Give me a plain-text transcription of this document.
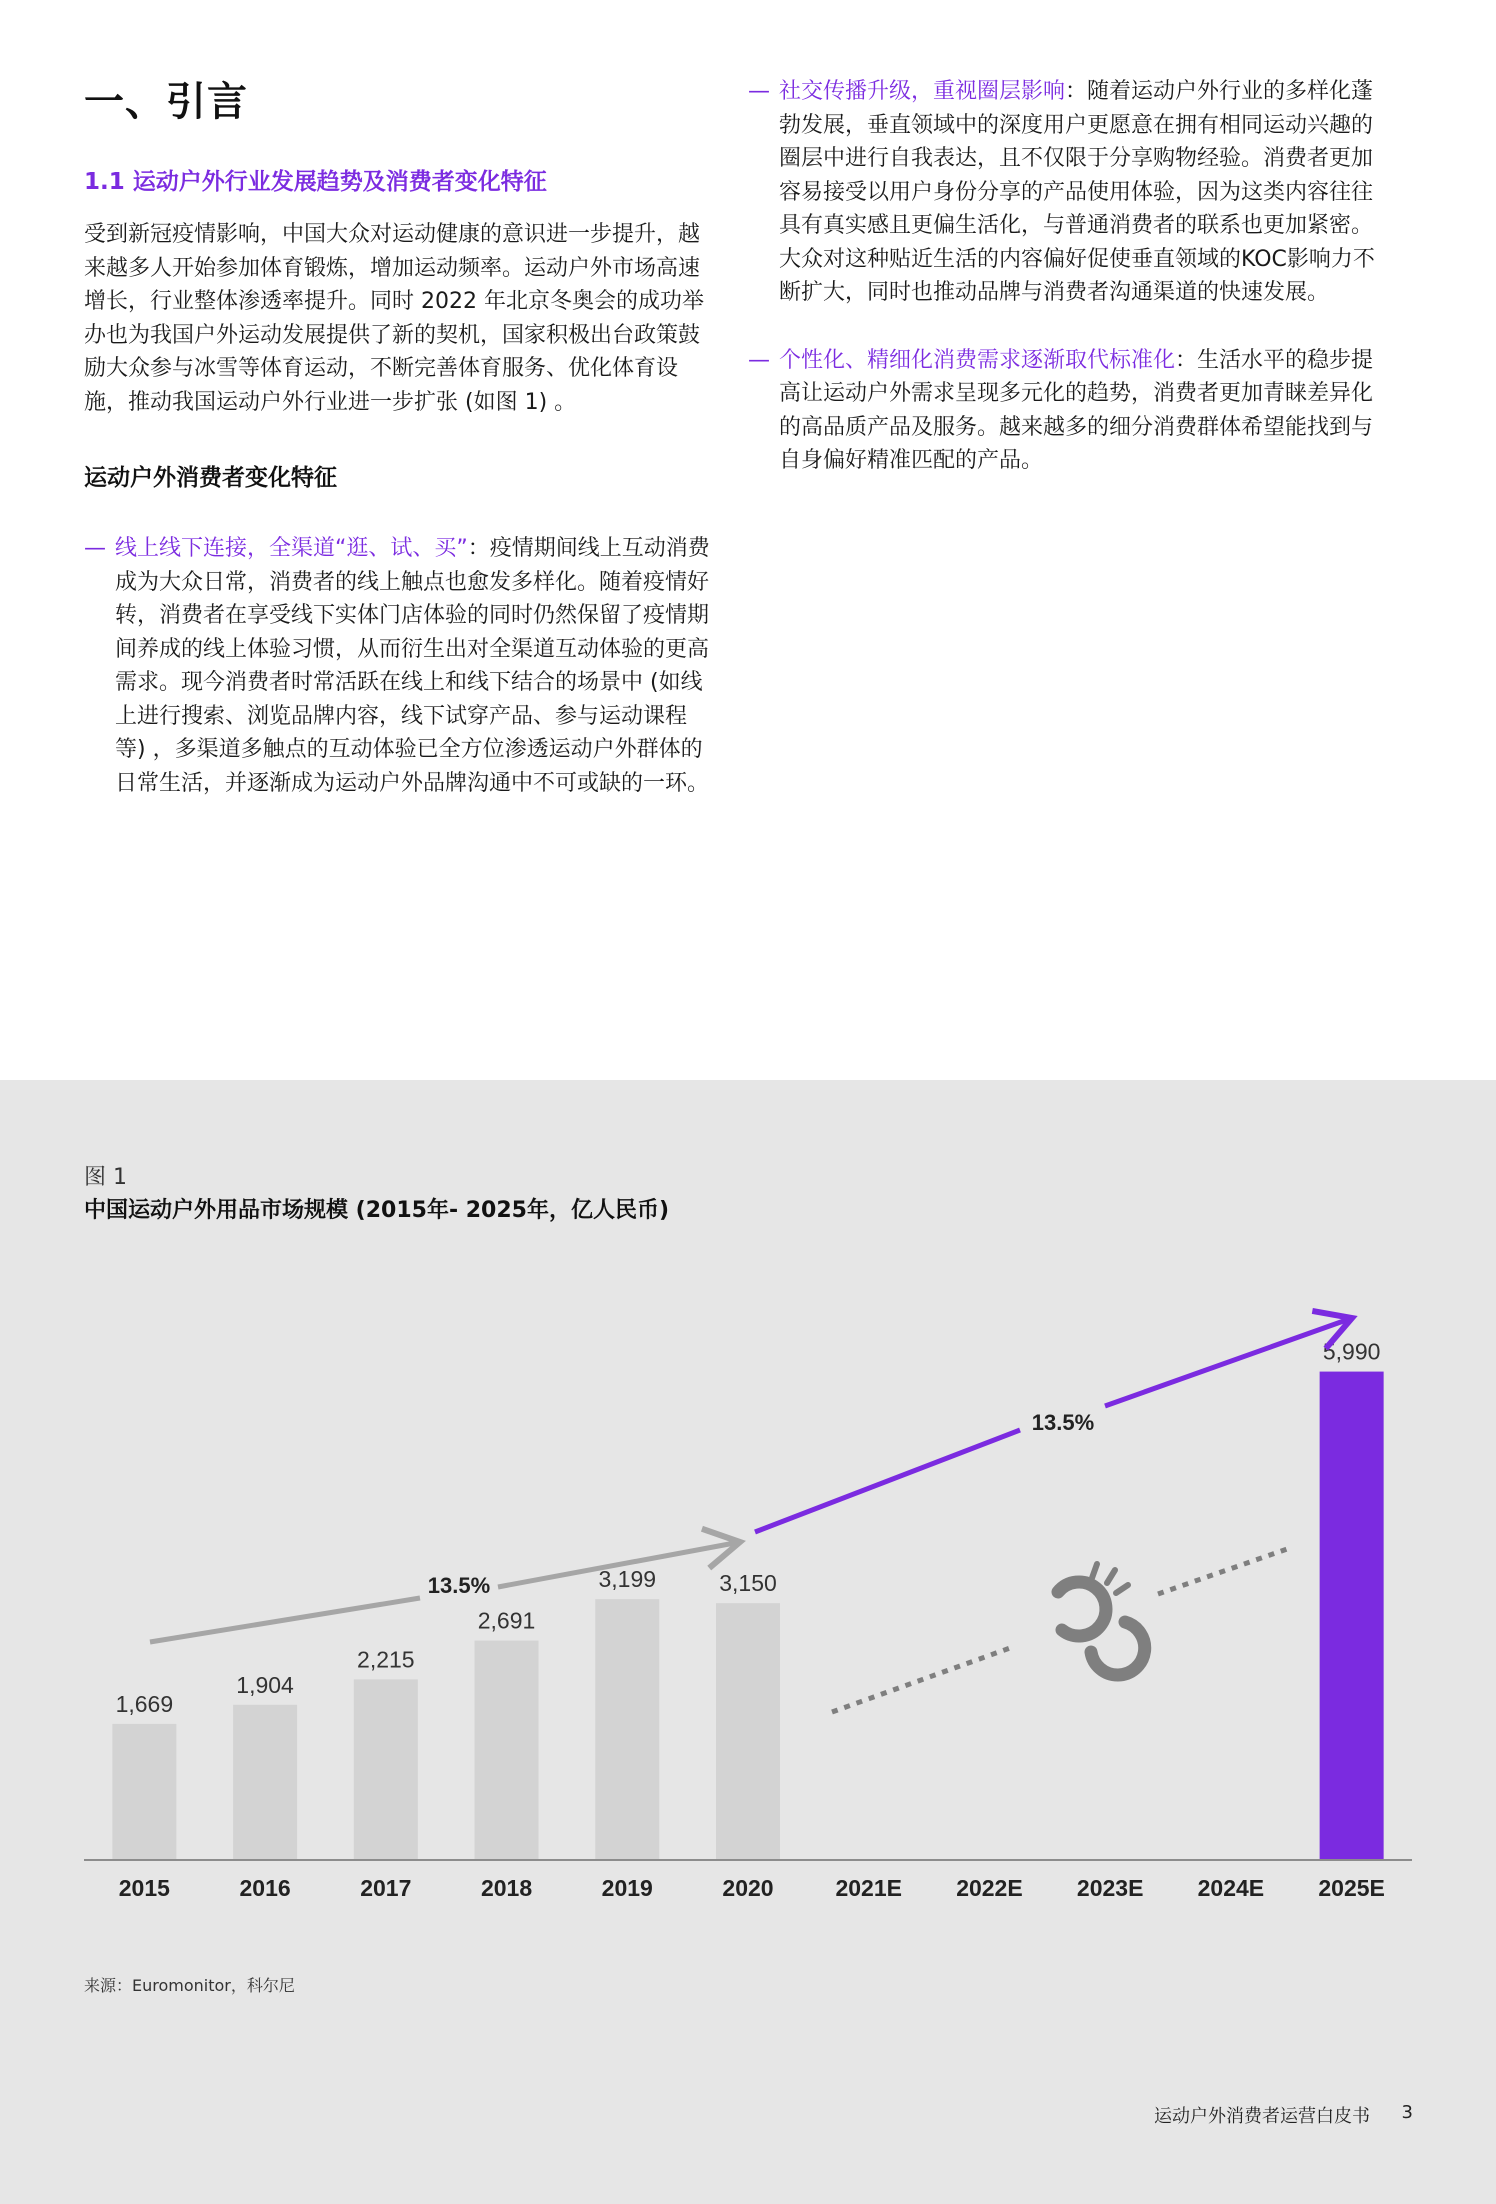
一、引言
1.1 运动户外行业发展趋势及消费者变化特征

受到新冠疫情影响，中国大众对运动健康的意识进一步提升，越来越多人开始参加体育锻炼，增加运动频率。运动户外市场高速增长，行业整体渗透率提升。同时 2022 年北京冬奥会的成功举办也为我国户外运动发展提供了新的契机，国家积极出台政策鼓励大众参与冰雪等体育运动，不断完善体育服务、优化体育设施，推动我国运动户外行业进一步扩张 (如图 1) 。

运动户外消费者变化特征

— 线上线下连接，全渠道“逛、试、买”：疫情期间线上互动消费成为大众日常，消费者的线上触点也愈发多样化。随着疫情好转，消费者在享受线下实体门店体验的同时仍然保留了疫情期间养成的线上体验习惯，从而衍生出对全渠道互动体验的更高需求。现今消费者时常活跃在线上和线下结合的场景中 (如线上进行搜索、浏览品牌内容，线下试穿产品、参与运动课程等) ，多渠道多触点的互动体验已全方位渗透运动户外群体的日常生活，并逐渐成为运动户外品牌沟通中不可或缺的一环。

— 社交传播升级，重视圈层影响：随着运动户外行业的多样化蓬勃发展，垂直领域中的深度用户更愿意在拥有相同运动兴趣的圈层中进行自我表达，且不仅限于分享购物经验。消费者更加容易接受以用户身份分享的产品使用体验，因为这类内容往往具有真实感且更偏生活化，与普通消费者的联系也更加紧密。大众对这种贴近生活的内容偏好促使垂直领域的KOC影响力不断扩大，同时也推动品牌与消费者沟通渠道的快速发展。

— 个性化、精细化消费需求逐渐取代标准化：生活水平的稳步提高让运动户外需求呈现多元化的趋势，消费者更加青睐差异化的高品质产品及服务。越来越多的细分消费群体希望能找到与自身偏好精准匹配的产品。

图 1
中国运动户外用品市场规模 (2015年- 2025年，亿人民币)
1,669
1,904
2,215
2,691
3,199	3,150
5,990
2015	2016	2017	2018	2019	2020	2021E 2022E 2023E 2024E 2025E
13.5%
13.5%
来源：Euromonitor，科尔尼
运动户外消费者运营白皮书 3
